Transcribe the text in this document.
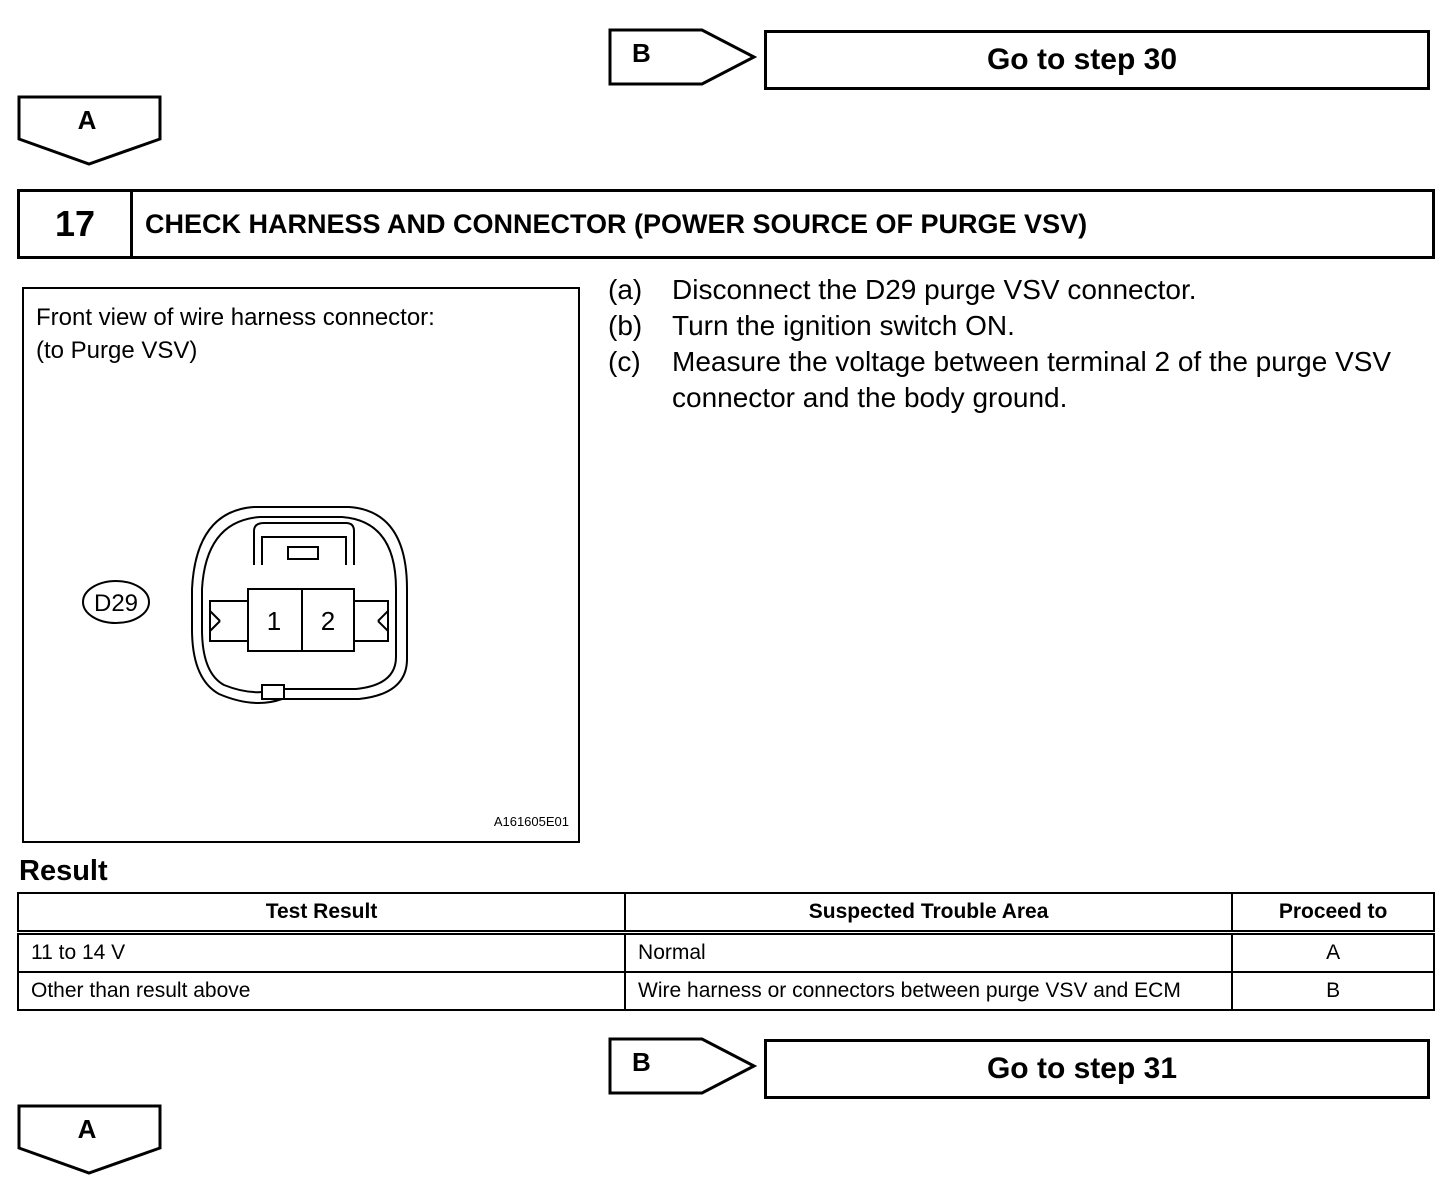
B	Go to step 30
A
17	CHECK HARNESS AND CONNECTOR (POWER SOURCE OF PURGE VSV)
Front view of wire harness connector:
(to Purge VSV)
D29
1 2
A161605E01
(a)	Disconnect the D29 purge VSV connector.
(b)	Turn the ignition switch ON.
(c)	Measure the voltage between terminal 2 of the purge VSV connector and the body ground.
Result
Test Result	Suspected Trouble Area	Proceed to
11 to 14 V	Normal	A
Other than result above	Wire harness or connectors between purge VSV and ECM	B
B	Go to step 31
A
